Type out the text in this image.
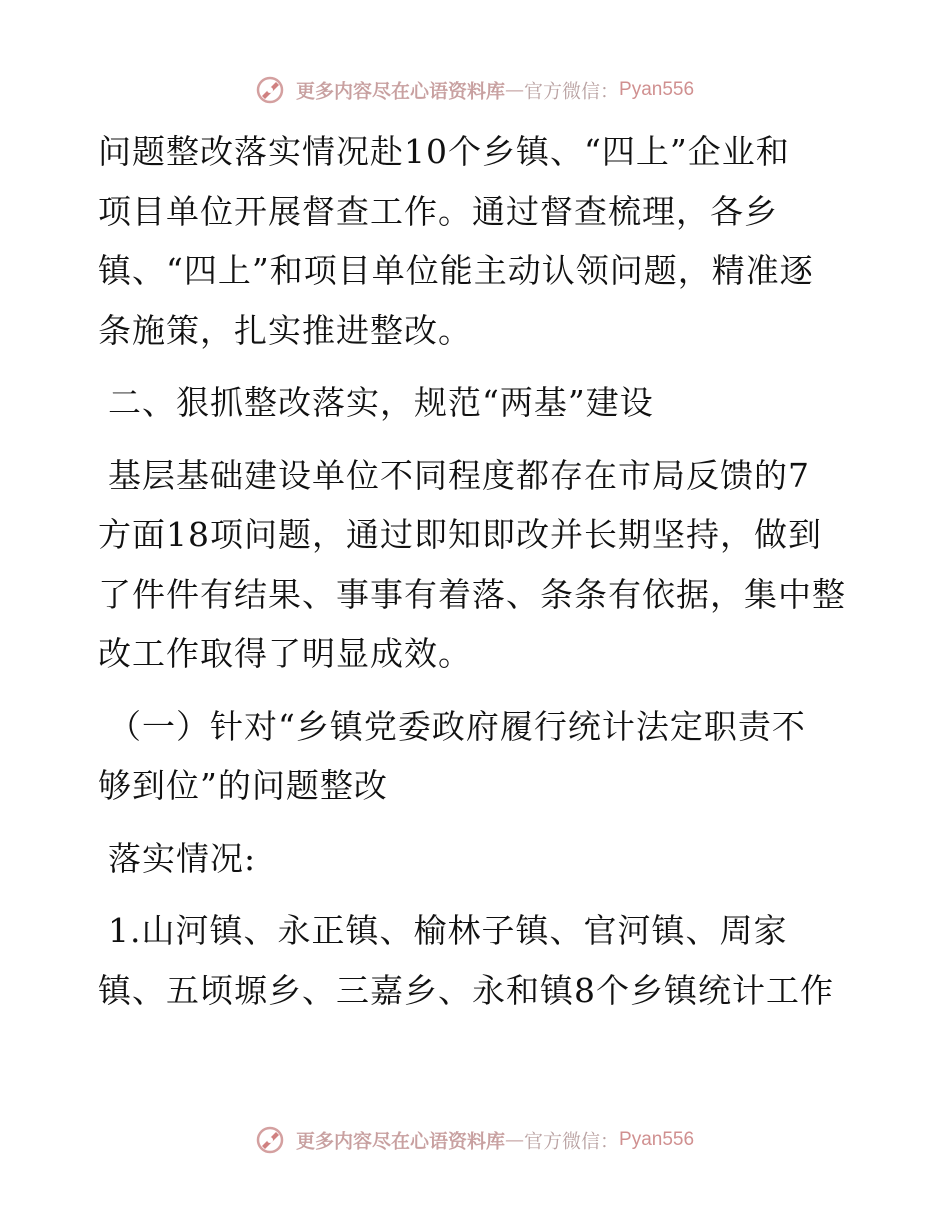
更多内容尽在心语资料库—官方微信：Pyan556
问题整改落实情况赴10个乡镇、“四上”企业和
项目单位开展督查工作。通过督查梳理，各乡
镇、“四上”和项目单位能主动认领问题，精准逐
条施策，扎实推进整改。
二、狠抓整改落实，规范“两基”建设
基层基础建设单位不同程度都存在市局反馈的7
方面18项问题，通过即知即改并长期坚持，做到
了件件有结果、事事有着落、条条有依据，集中整
改工作取得了明显成效。
（一）针对“乡镇党委政府履行统计法定职责不
够到位”的问题整改
落实情况:
1.山河镇、永正镇、榆林子镇、官河镇、周家
镇、五顷塬乡、三嘉乡、永和镇8个乡镇统计工作
更多内容尽在心语资料库—官方微信：Pyan556
